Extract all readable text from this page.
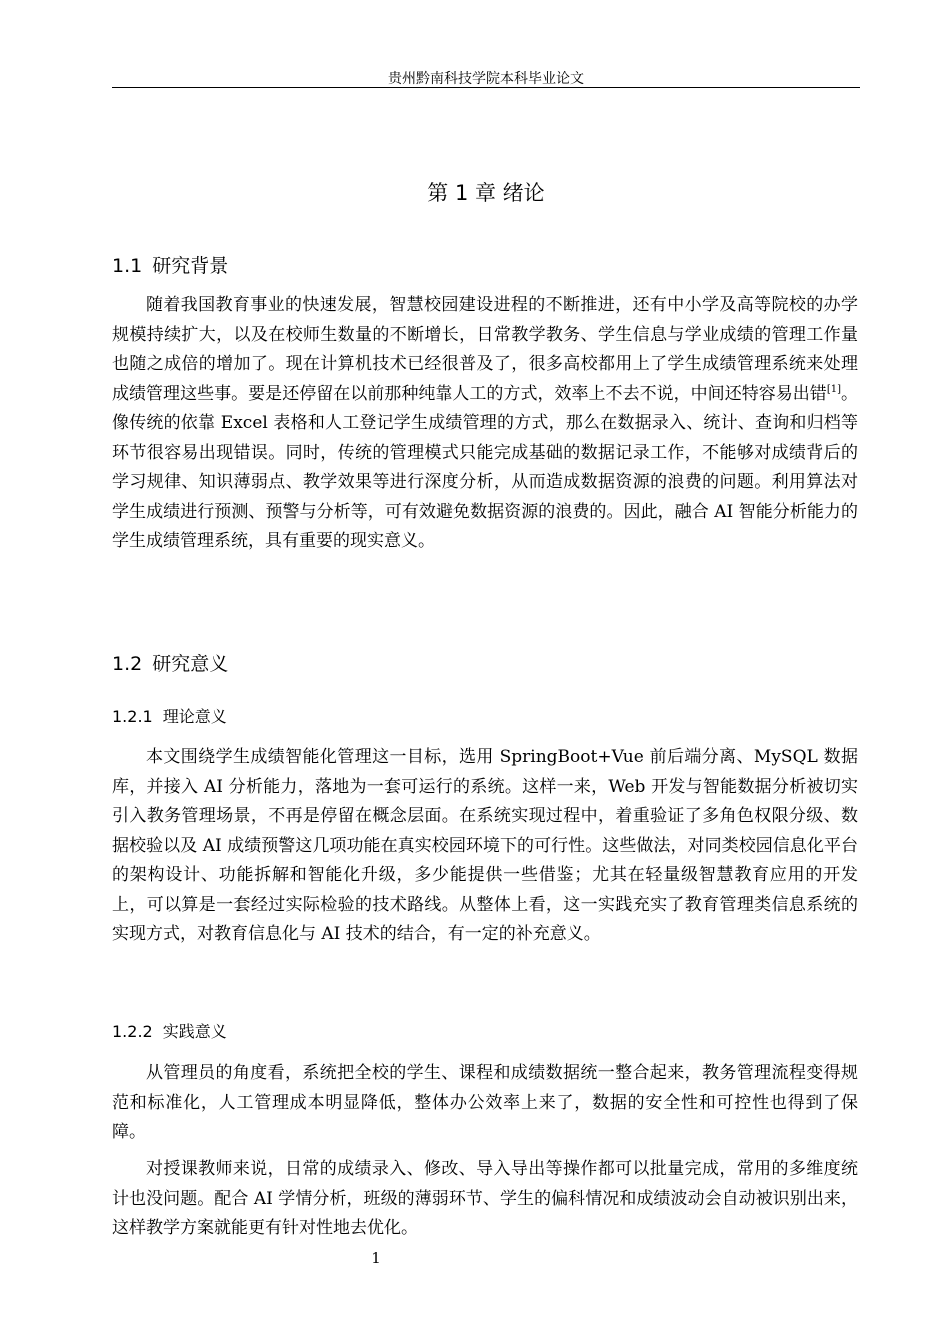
贵州黔南科技学院本科毕业论文
第 1 章 绪论
1.1 研究背景

随着我国教育事业的快速发展，智慧校园建设进程的不断推进，还有中小学及高等院校的办学规模持续扩大，以及在校师生数量的不断增长，日常教学教务、学生信息与学业成绩的管理工作量也随之成倍的增加了。现在计算机技术已经很普及了，很多高校都用上了学生成绩管理系统来处理成绩管理这些事。要是还停留在以前那种纯靠人工的方式，效率上不去不说，中间还特容易出错[1]。像传统的依靠 Excel 表格和人工登记学生成绩管理的方式，那么在数据录入、统计、查询和归档等环节很容易出现错误。同时，传统的管理模式只能完成基础的数据记录工作，不能够对成绩背后的学习规律、知识薄弱点、教学效果等进行深度分析，从而造成数据资源的浪费的问题。利用算法对学生成绩进行预测、预警与分析等，可有效避免数据资源的浪费的。因此，融合 AI 智能分析能力的学生成绩管理系统，具有重要的现实意义。

1.2 研究意义
1.2.1 理论意义

本文围绕学生成绩智能化管理这一目标，选用 SpringBoot+Vue 前后端分离、MySQL 数据库，并接入 AI 分析能力，落地为一套可运行的系统。这样一来，Web 开发与智能数据分析被切实引入教务管理场景，不再是停留在概念层面。在系统实现过程中，着重验证了多角色权限分级、数据校验以及 AI 成绩预警这几项功能在真实校园环境下的可行性。这些做法，对同类校园信息化平台的架构设计、功能拆解和智能化升级，多少能提供一些借鉴；尤其在轻量级智慧教育应用的开发上，可以算是一套经过实际检验的技术路线。从整体上看，这一实践充实了教育管理类信息系统的实现方式，对教育信息化与 AI 技术的结合，有一定的补充意义。

1.2.2 实践意义

从管理员的角度看，系统把全校的学生、课程和成绩数据统一整合起来，教务管理流程变得规范和标准化，人工管理成本明显降低，整体办公效率上来了，数据的安全性和可控性也得到了保障。

对授课教师来说，日常的成绩录入、修改、导入导出等操作都可以批量完成，常用的多维度统计也没问题。配合 AI 学情分析，班级的薄弱环节、学生的偏科情况和成绩波动会自动被识别出来，这样教学方案就能更有针对性地去优化。

1
